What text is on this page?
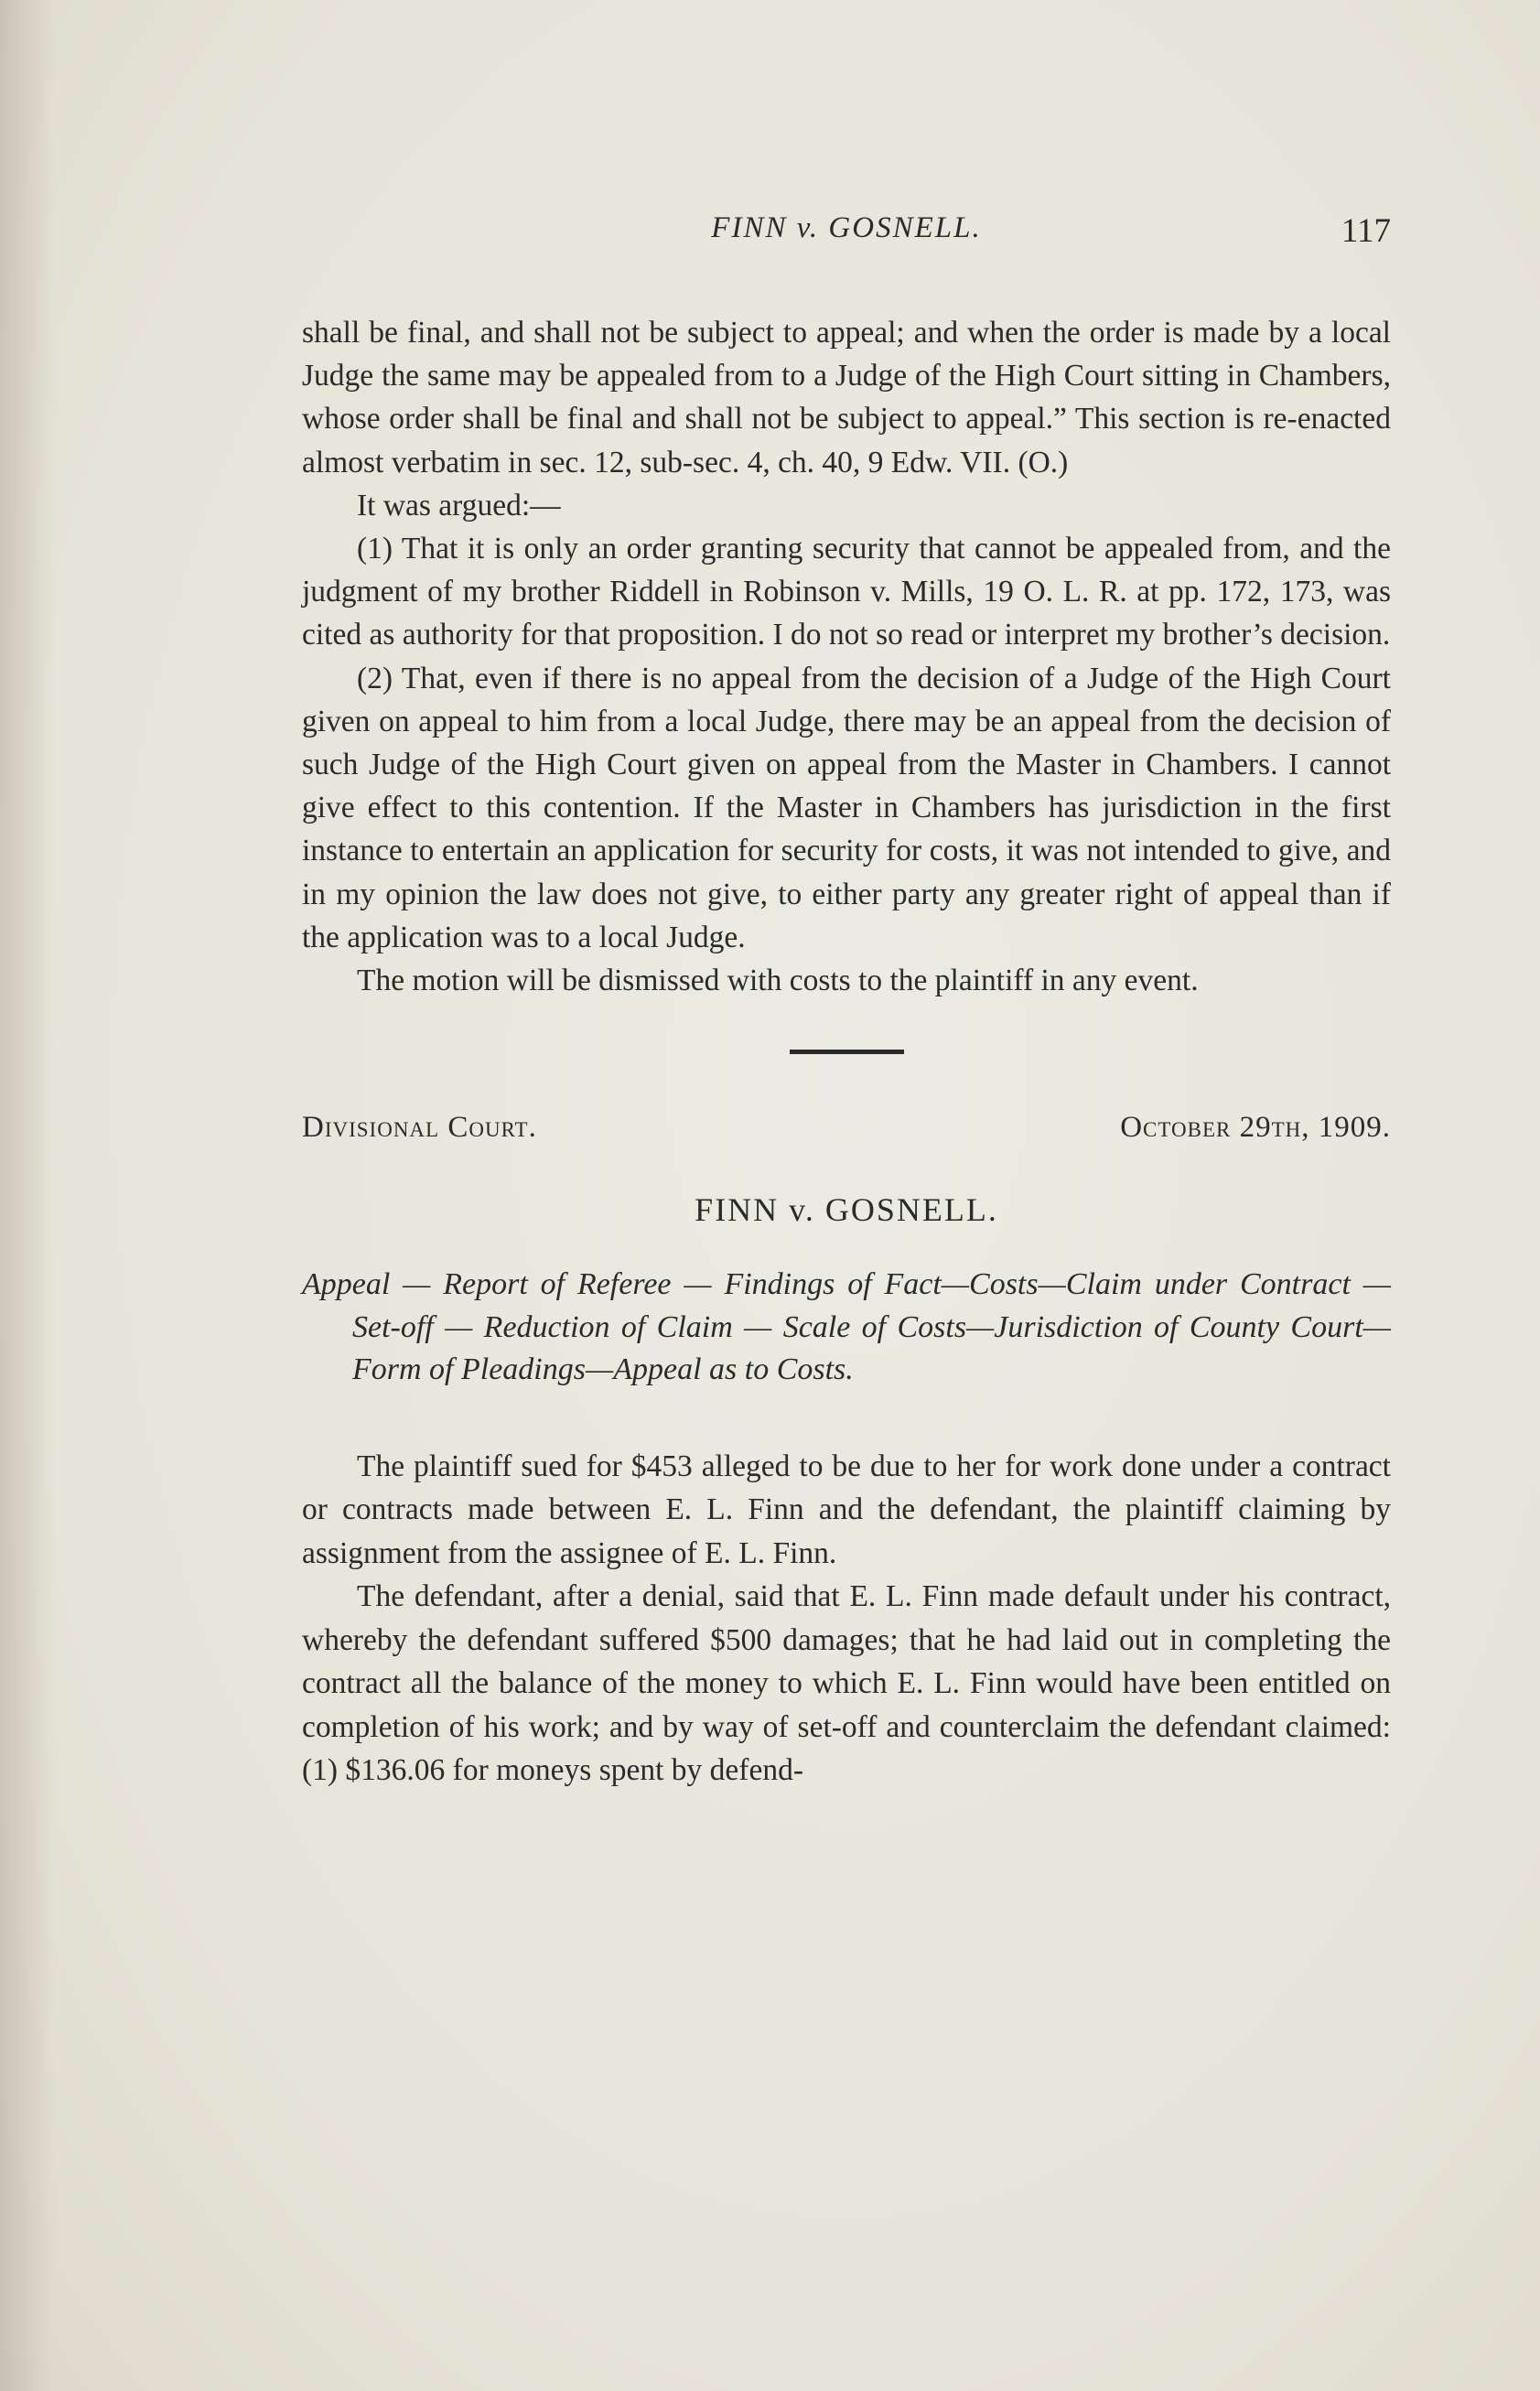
FINN v. GOSNELL.	117

shall be final, and shall not be subject to appeal; and when the order is made by a local Judge the same may be appealed from to a Judge of the High Court sitting in Chambers, whose order shall be final and shall not be subject to appeal.” This section is re-enacted almost verbatim in sec. 12, sub-sec. 4, ch. 40, 9 Edw. VII. (O.)

It was argued:—

(1) That it is only an order granting security that cannot be appealed from, and the judgment of my brother Riddell in Robinson v. Mills, 19 O. L. R. at pp. 172, 173, was cited as authority for that proposition. I do not so read or interpret my brother’s decision.

(2) That, even if there is no appeal from the decision of a Judge of the High Court given on appeal to him from a local Judge, there may be an appeal from the decision of such Judge of the High Court given on appeal from the Master in Chambers. I cannot give effect to this contention. If the Master in Chambers has jurisdiction in the first instance to entertain an application for security for costs, it was not intended to give, and in my opinion the law does not give, to either party any greater right of appeal than if the application was to a local Judge.

The motion will be dismissed with costs to the plaintiff in any event.

Divisional Court.	October 29th, 1909.
FINN v. GOSNELL.
Appeal — Report of Referee — Findings of Fact—Costs—Claim under Contract — Set-off — Reduction of Claim — Scale of Costs—Jurisdiction of County Court—Form of Pleadings—Appeal as to Costs.

The plaintiff sued for $453 alleged to be due to her for work done under a contract or contracts made between E. L. Finn and the defendant, the plaintiff claiming by assignment from the assignee of E. L. Finn.

The defendant, after a denial, said that E. L. Finn made default under his contract, whereby the defendant suffered $500 damages; that he had laid out in completing the contract all the balance of the money to which E. L. Finn would have been entitled on completion of his work; and by way of set-off and counterclaim the defendant claimed: (1) $136.06 for moneys spent by defend-
